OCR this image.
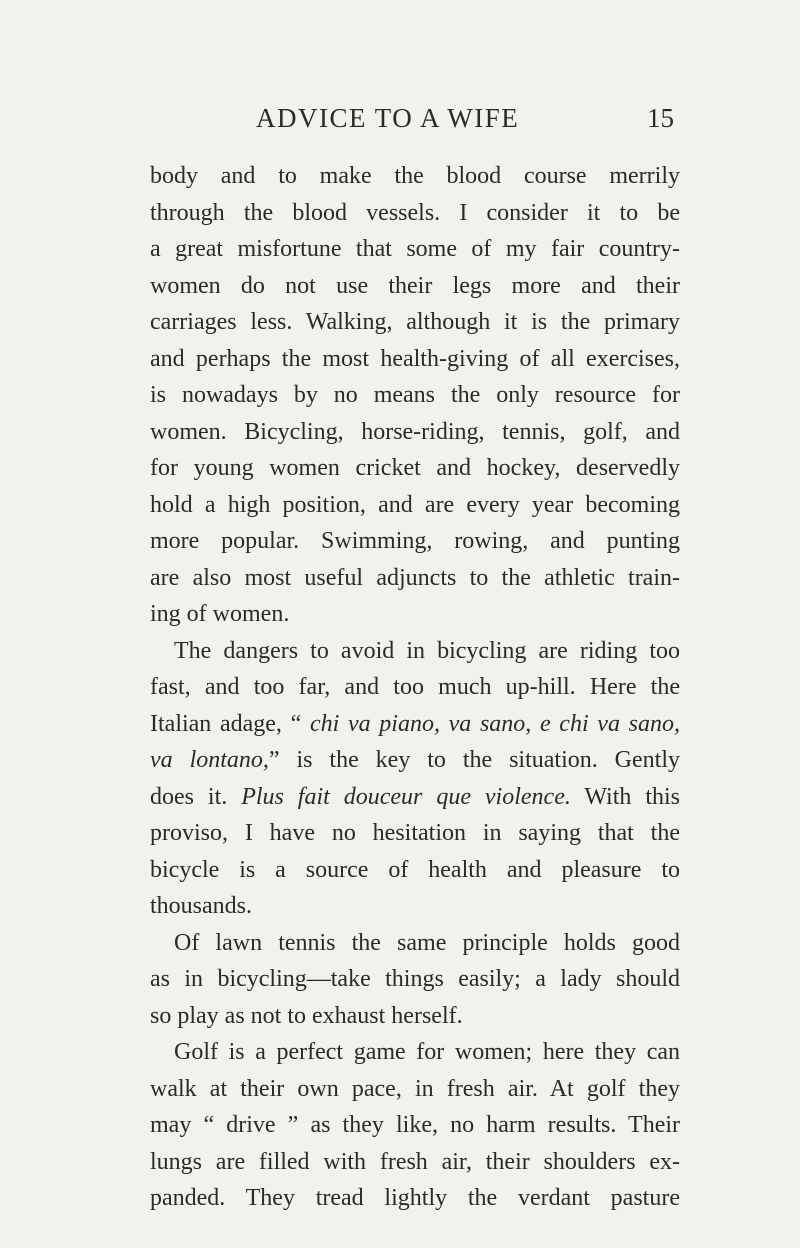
ADVICE TO A WIFE	15
body and to make the blood course merrily
through the blood vessels. I consider it to be
a great misfortune that some of my fair country-
women do not use their legs more and their
carriages less. Walking, although it is the primary
and perhaps the most health-giving of all exercises,
is nowadays by no means the only resource for
women. Bicycling, horse-riding, tennis, golf, and
for young women cricket and hockey, deservedly
hold a high position, and are every year becoming
more popular. Swimming, rowing, and punting
are also most useful adjuncts to the athletic train-
ing of women.
The dangers to avoid in bicycling are riding too
fast, and too far, and too much up-hill. Here the
Italian adage, “ chi va piano, va sano, e chi va sano,
va lontano,” is the key to the situation. Gently
does it. Plus fait douceur que violence. With this
proviso, I have no hesitation in saying that the
bicycle is a source of health and pleasure to
thousands.
Of lawn tennis the same principle holds good
as in bicycling—take things easily; a lady should
so play as not to exhaust herself.
Golf is a perfect game for women; here they can
walk at their own pace, in fresh air. At golf they
may “ drive ” as they like, no harm results. Their
lungs are filled with fresh air, their shoulders ex-
panded. They tread lightly the verdant pasture
